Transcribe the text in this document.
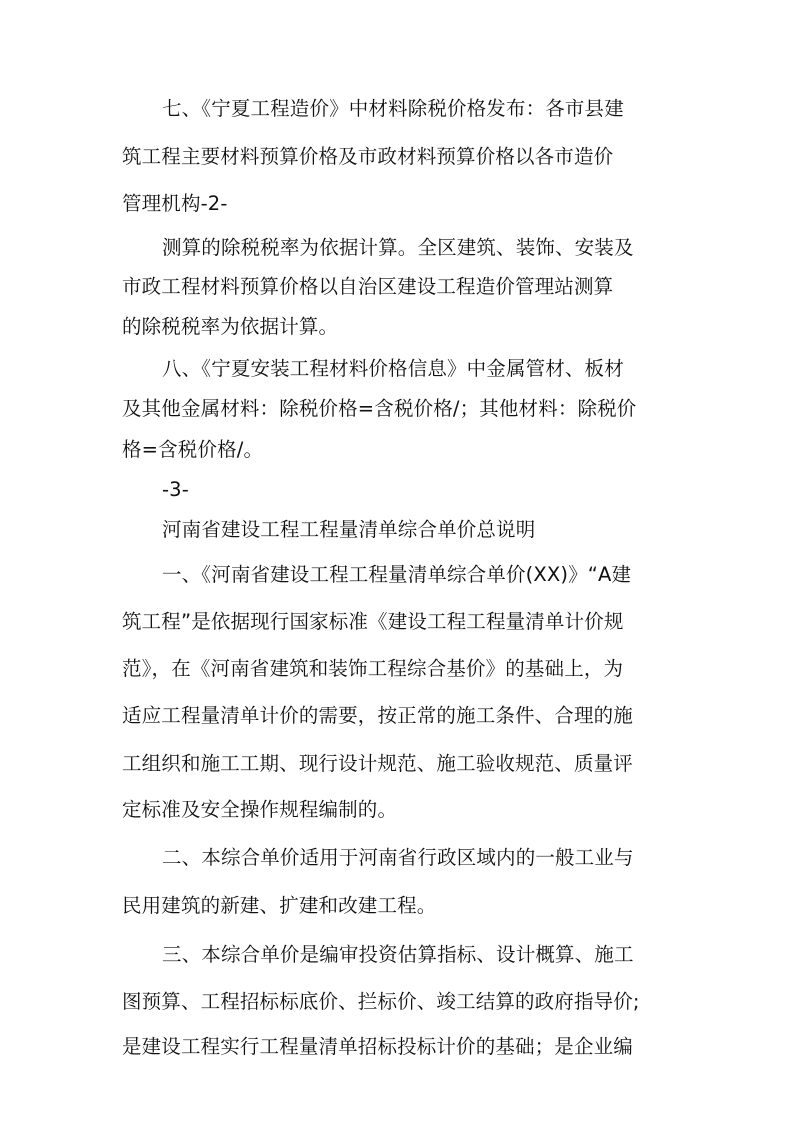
七、《宁夏工程造价》中材料除税价格发布：各市县建
筑工程主要材料预算价格及市政材料预算价格以各市造价
管理机构-2-
测算的除税税率为依据计算。全区建筑、装饰、安装及
市政工程材料预算价格以自治区建设工程造价管理站测算
的除税税率为依据计算。
八、《宁夏安装工程材料价格信息》中金属管材、板材
及其他金属材料：除税价格=含税价格/；其他材料：除税价
格=含税价格/。
-3-
河南省建设工程工程量清单综合单价总说明
一、《河南省建设工程工程量清单综合单价(XX)》“A建
筑工程”是依据现行国家标准《建设工程工程量清单计价规
范》，在《河南省建筑和装饰工程综合基价》的基础上，为
适应工程量清单计价的需要，按正常的施工条件、合理的施
工组织和施工工期、现行设计规范、施工验收规范、质量评
定标准及安全操作规程编制的。
二、本综合单价适用于河南省行政区域内的一般工业与
民用建筑的新建、扩建和改建工程。
三、本综合单价是编审投资估算指标、设计概算、施工
图预算、工程招标标底价、拦标价、竣工结算的政府指导价;
是建设工程实行工程量清单招标投标计价的基础；是企业编
